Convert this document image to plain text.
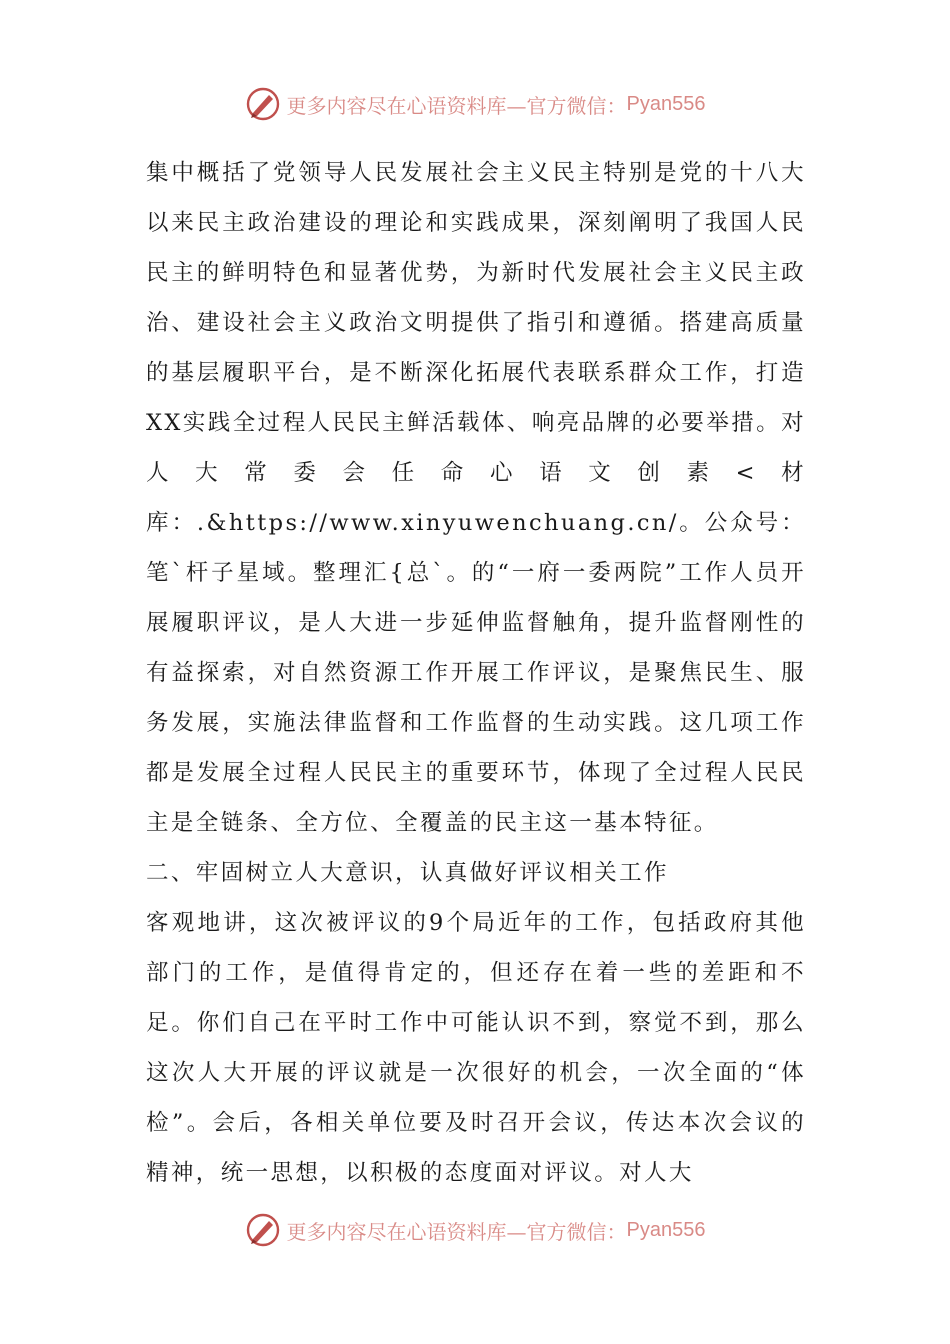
更多内容尽在心语资料库—官方微信： Pyan556

集中概括了党领导人民发展社会主义民主特别是党的十八大以来民主政治建设的理论和实践成果，深刻阐明了我国人民民主的鲜明特色和显著优势，为新时代发展社会主义民主政治、建设社会主义政治文明提供了指引和遵循。搭建高质量的基层履职平台，是不断深化拓展代表联系群众工作，打造XX实践全过程人民民主鲜活载体、响亮品牌的必要举措。对人大常委会任命心语文创素<材库：.&https://www.xinyuwenchuang.cn/。公众号：笔`杆子星域。整理汇{总`。的“一府一委两院”工作人员开展履职评议，是人大进一步延伸监督触角，提升监督刚性的有益探索，对自然资源工作开展工作评议，是聚焦民生、服务发展，实施法律监督和工作监督的生动实践。这几项工作都是发展全过程人民民主的重要环节，体现了全过程人民民主是全链条、全方位、全覆盖的民主这一基本特征。

二、牢固树立人大意识，认真做好评议相关工作

客观地讲，这次被评议的9个局近年的工作，包括政府其他部门的工作，是值得肯定的，但还存在着一些的差距和不足。你们自己在平时工作中可能认识不到，察觉不到，那么这次人大开展的评议就是一次很好的机会，一次全面的“体检”。会后，各相关单位要及时召开会议，传达本次会议的精神，统一思想，以积极的态度面对评议。对人大

更多内容尽在心语资料库—官方微信： Pyan556
